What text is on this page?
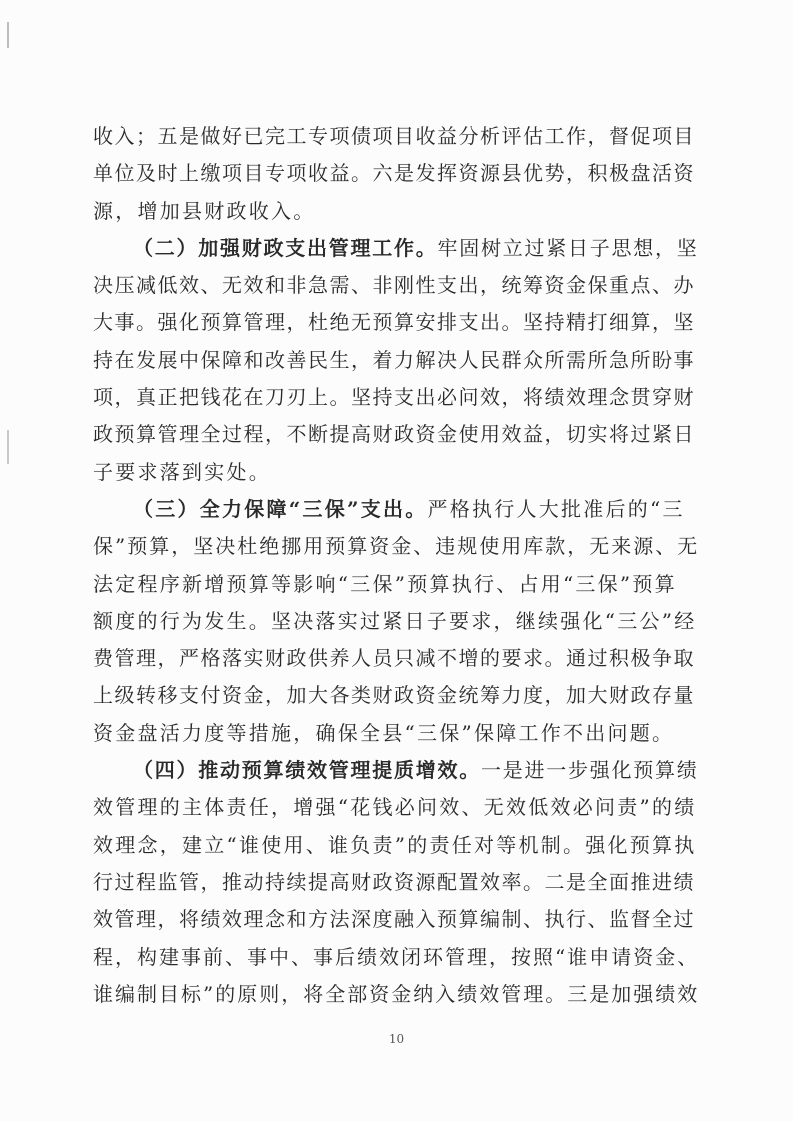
收入；五是做好已完工专项债项目收益分析评估工作，督促项目
单位及时上缴项目专项收益。六是发挥资源县优势，积极盘活资
源，增加县财政收入。
（二）加强财政支出管理工作。牢固树立过紧日子思想，坚
决压减低效、无效和非急需、非刚性支出，统筹资金保重点、办
大事。强化预算管理，杜绝无预算安排支出。坚持精打细算，坚
持在发展中保障和改善民生，着力解决人民群众所需所急所盼事
项，真正把钱花在刀刃上。坚持支出必问效，将绩效理念贯穿财
政预算管理全过程，不断提高财政资金使用效益，切实将过紧日
子要求落到实处。
（三）全力保障“三保”支出。严格执行人大批准后的“三
保”预算，坚决杜绝挪用预算资金、违规使用库款，无来源、无
法定程序新增预算等影响“三保”预算执行、占用“三保”预算
额度的行为发生。坚决落实过紧日子要求，继续强化“三公”经
费管理，严格落实财政供养人员只减不增的要求。通过积极争取
上级转移支付资金，加大各类财政资金统筹力度，加大财政存量
资金盘活力度等措施，确保全县“三保”保障工作不出问题。
（四）推动预算绩效管理提质增效。一是进一步强化预算绩
效管理的主体责任，增强“花钱必问效、无效低效必问责”的绩
效理念，建立“谁使用、谁负责”的责任对等机制。强化预算执
行过程监管，推动持续提高财政资源配置效率。二是全面推进绩
效管理，将绩效理念和方法深度融入预算编制、执行、监督全过
程，构建事前、事中、事后绩效闭环管理，按照“谁申请资金、
谁编制目标”的原则，将全部资金纳入绩效管理。三是加强绩效
10
